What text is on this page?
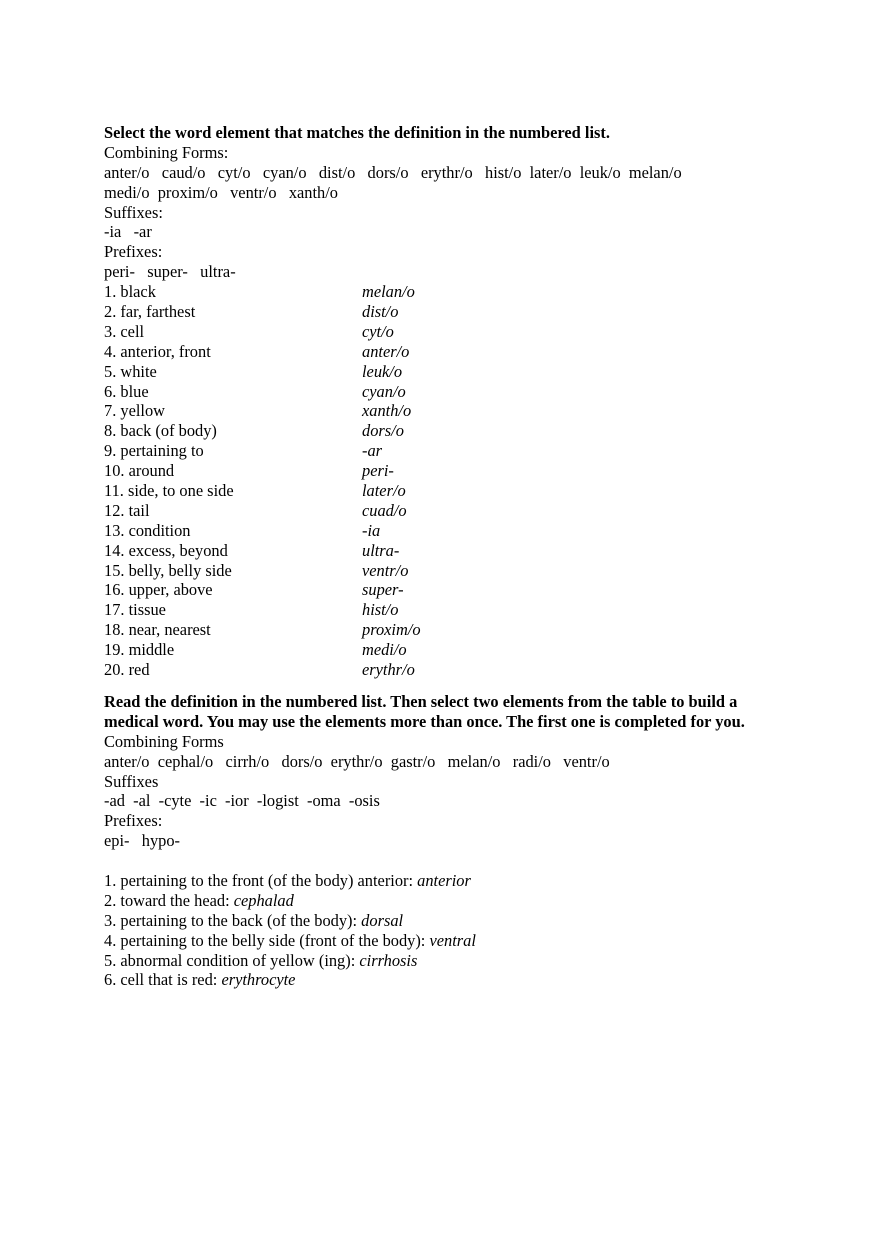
Select the word element that matches the definition in the numbered list.
Combining Forms:
anter/o   caud/o   cyt/o   cyan/o   dist/o   dors/o   erythr/o   hist/o  later/o  leuk/o  melan/o
medi/o  proxim/o   ventr/o   xanth/o
Suffixes:
-ia   -ar
Prefixes:
peri-   super-   ultra-
1. black	melan/o
2. far, farthest	dist/o
3. cell	cyt/o
4. anterior, front	anter/o
5. white	leuk/o
6. blue	cyan/o
7. yellow	xanth/o
8. back (of body)	dors/o
9. pertaining to	-ar
10. around	peri-
11. side, to one side	later/o
12. tail	cuad/o
13. condition	-ia
14. excess, beyond	ultra-
15. belly, belly side	ventr/o
16. upper, above	super-
17. tissue	hist/o
18. near, nearest	proxim/o
19. middle	medi/o
20. red	erythr/o
Read the definition in the numbered list. Then select two elements from the table to build a medical word. You may use the elements more than once. The first one is completed for you.
Combining Forms
anter/o  cephal/o   cirrh/o   dors/o  erythr/o  gastr/o   melan/o   radi/o   ventr/o
Suffixes
-ad  -al  -cyte  -ic  -ior  -logist  -oma  -osis
Prefixes:
epi-   hypo-
1. pertaining to the front (of the body) anterior: anterior
2. toward the head: cephalad
3. pertaining to the back (of the body): dorsal
4. pertaining to the belly side (front of the body): ventral
5. abnormal condition of yellow (ing): cirrhosis
6. cell that is red: erythrocyte
